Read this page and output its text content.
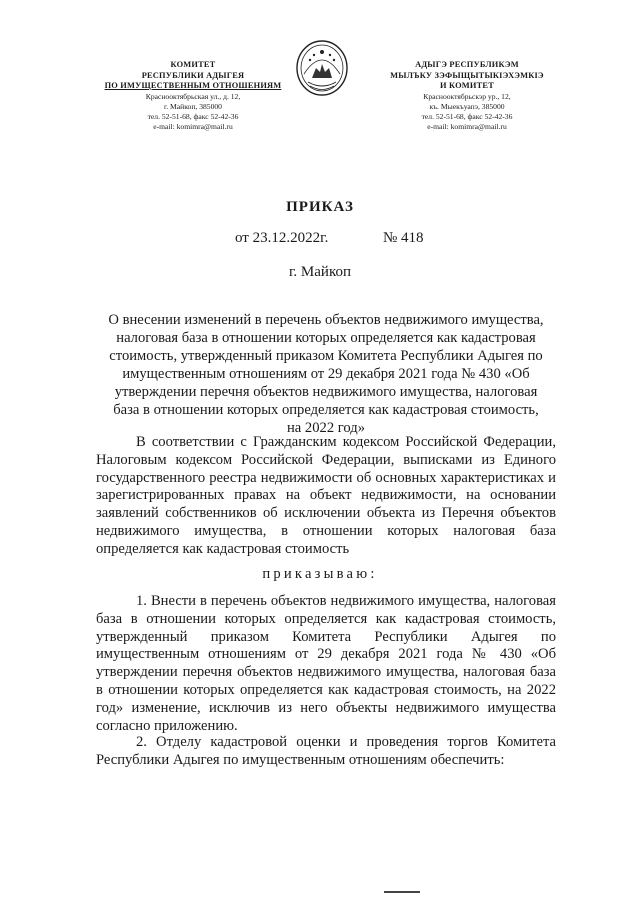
КОМИТЕТ
РЕСПУБЛИКИ АДЫГЕЯ
ПО ИМУЩЕСТВЕННЫМ ОТНОШЕНИЯМ
Краснооктябрьская ул., д. 12,
г. Майкоп, 385000
тел. 52-51-68, факс 52-42-36
e-mail: komimra@mail.ru
АДЫГЭ РЕСПУБЛИКЭМ
МЫЛЪКУ ЗЭФЫЩЫТЫКІЭХЭМКІЭ
И КОМИТЕТ
Краснооктябрьскэр ур., 12,
къ. Мыекъуапэ, 385000
тел. 52-51-68, факс 52-42-36
e-mail: komimra@mail.ru
ПРИКАЗ
от 23.12.2022г.	№ 418
г. Майкоп
О внесении изменений в перечень объектов недвижимого имущества, налоговая база в отношении которых определяется как кадастровая стоимость, утвержденный приказом Комитета Республики Адыгея по имущественным отношениям от 29 декабря 2021 года № 430 «Об утверждении перечня объектов недвижимого имущества, налоговая база в отношении которых определяется как кадастровая стоимость, на 2022 год»
В соответствии с Гражданским кодексом Российской Федерации, Налоговым кодексом Российской Федерации, выписками из Единого государственного реестра недвижимости об основных характеристиках и зарегистрированных правах на объект недвижимости, на основании заявлений собственников об исключении объекта из Перечня объектов недвижимого имущества, в отношении которых налоговая база определяется как кадастровая стоимость
приказываю:
1. Внести в перечень объектов недвижимого имущества, налоговая база в отношении которых определяется как кадастровая стоимость, утвержденный приказом Комитета Республики Адыгея по имущественным отношениям от 29 декабря 2021 года № 430 «Об утверждении перечня объектов недвижимого имущества, налоговая база в отношении которых определяется как кадастровая стоимость, на 2022 год» изменение, исключив из него объекты недвижимого имущества согласно приложению.
2. Отделу кадастровой оценки и проведения торгов Комитета Республики Адыгея по имущественным отношениям обеспечить:
